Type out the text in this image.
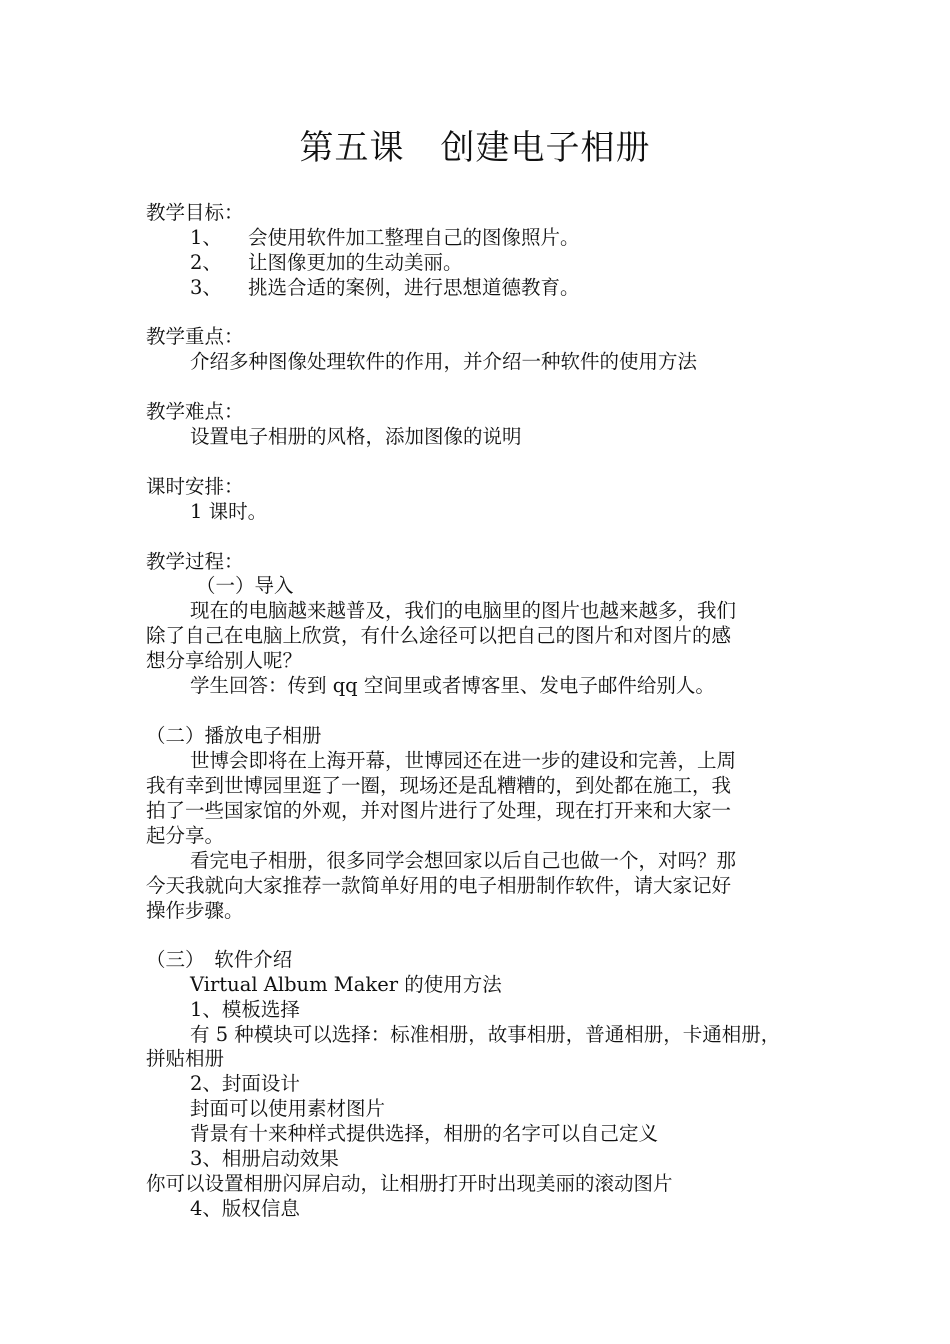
第五课 创建电子相册
教学目标：
1、 会使用软件加工整理自己的图像照片。
2、 让图像更加的生动美丽。
3、 挑选合适的案例，进行思想道德教育。
教学重点：
介绍多种图像处理软件的作用，并介绍一种软件的使用方法
教学难点：
设置电子相册的风格，添加图像的说明
课时安排：
1 课时。
教学过程：
（一）导入
现在的电脑越来越普及，我们的电脑里的图片也越来越多，我们
除了自己在电脑上欣赏，有什么途径可以把自己的图片和对图片的感
想分享给别人呢？
学生回答：传到 qq 空间里或者博客里、发电子邮件给别人。
（二）播放电子相册
世博会即将在上海开幕，世博园还在进一步的建设和完善，上周
我有幸到世博园里逛了一圈，现场还是乱糟糟的，到处都在施工，我
拍了一些国家馆的外观，并对图片进行了处理，现在打开来和大家一
起分享。
看完电子相册，很多同学会想回家以后自己也做一个，对吗？那
今天我就向大家推荐一款简单好用的电子相册制作软件，请大家记好
操作步骤。
（三）　软件介绍
Virtual Album Maker 的使用方法
1、模板选择
有 5 种模块可以选择：标准相册，故事相册，普通相册，卡通相册，
拼贴相册
2、封面设计
封面可以使用素材图片
背景有十来种样式提供选择，相册的名字可以自己定义
3、相册启动效果
你可以设置相册闪屏启动，让相册打开时出现美丽的滚动图片
4、版权信息
